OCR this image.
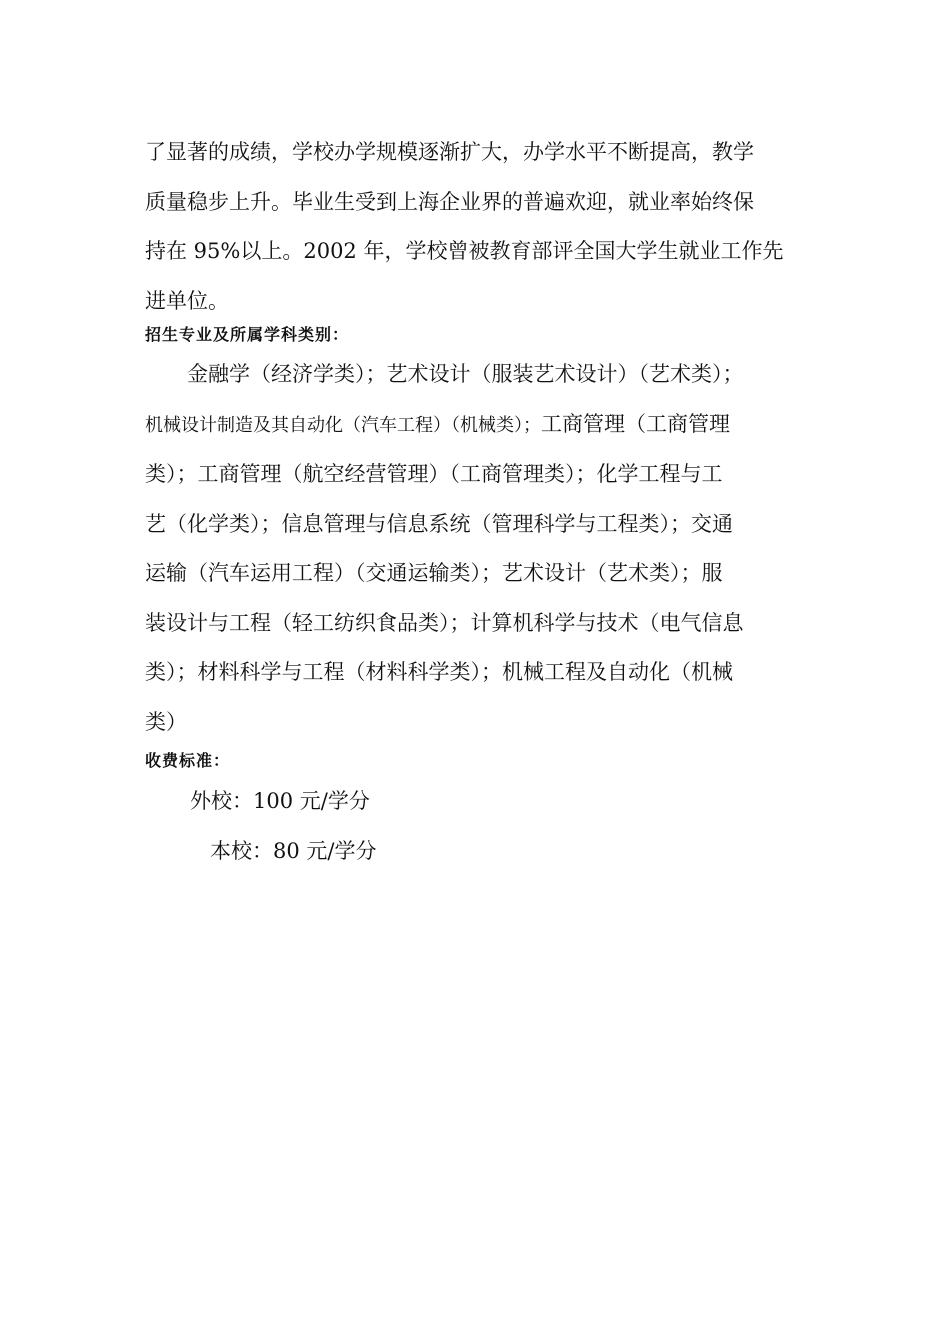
了显著的成绩，学校办学规模逐渐扩大，办学水平不断提高，教学
质量稳步上升。毕业生受到上海企业界的普遍欢迎，就业率始终保
持在 95%以上。2002 年，学校曾被教育部评全国大学生就业工作先
进单位。

招生专业及所属学科类别：

金融学（经济学类）；艺术设计（服装艺术设计）（艺术类）；
机械设计制造及其自动化（汽车工程）（机械类）；工商管理（工商管理
类）；工商管理（航空经营管理）（工商管理类）；化学工程与工
艺（化学类）；信息管理与信息系统（管理科学与工程类）；交通
运输（汽车运用工程）（交通运输类）；艺术设计（艺术类）；服
装设计与工程（轻工纺织食品类）；计算机科学与技术（电气信息
类）；材料科学与工程（材料科学类）；机械工程及自动化（机械
类）

收费标准：

外校：100 元/学分

本校：80 元/学分
